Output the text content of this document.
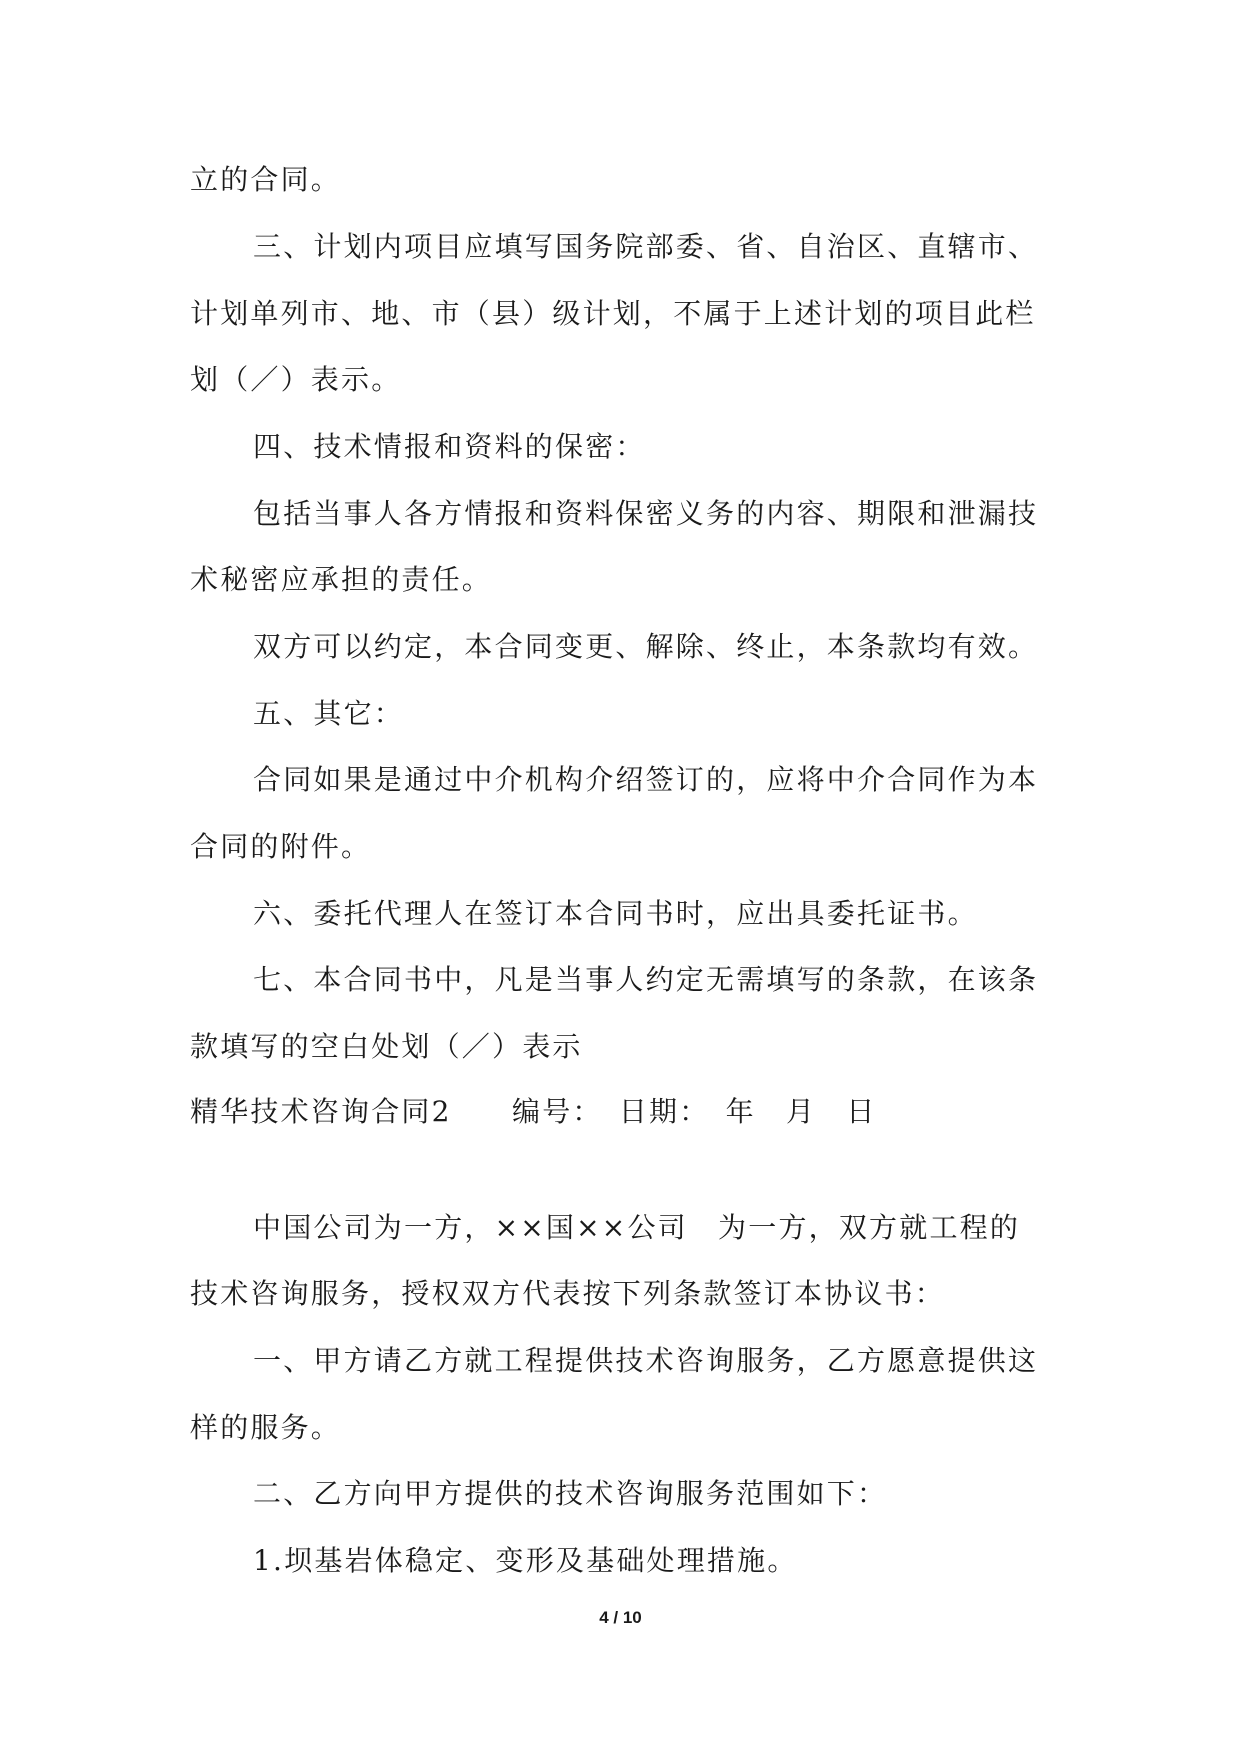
立的合同。
三、计划内项目应填写国务院部委、省、自治区、直辖市、
计划单列市、地、市（县）级计划，不属于上述计划的项目此栏
划（／）表示。
四、技术情报和资料的保密：
包括当事人各方情报和资料保密义务的内容、期限和泄漏技
术秘密应承担的责任。
双方可以约定，本合同变更、解除、终止，本条款均有效。
五、其它：
合同如果是通过中介机构介绍签订的，应将中介合同作为本
合同的附件。
六、委托代理人在签订本合同书时，应出具委托证书。
七、本合同书中，凡是当事人约定无需填写的条款，在该条
款填写的空白处划（／）表示
精华技术咨询合同2　　编号：　日期：　年　月　日
中国公司为一方，××国××公司　为一方，双方就工程的
技术咨询服务，授权双方代表按下列条款签订本协议书：
一、甲方请乙方就工程提供技术咨询服务，乙方愿意提供这
样的服务。
二、乙方向甲方提供的技术咨询服务范围如下：
1.坝基岩体稳定、变形及基础处理措施。
4 / 10
